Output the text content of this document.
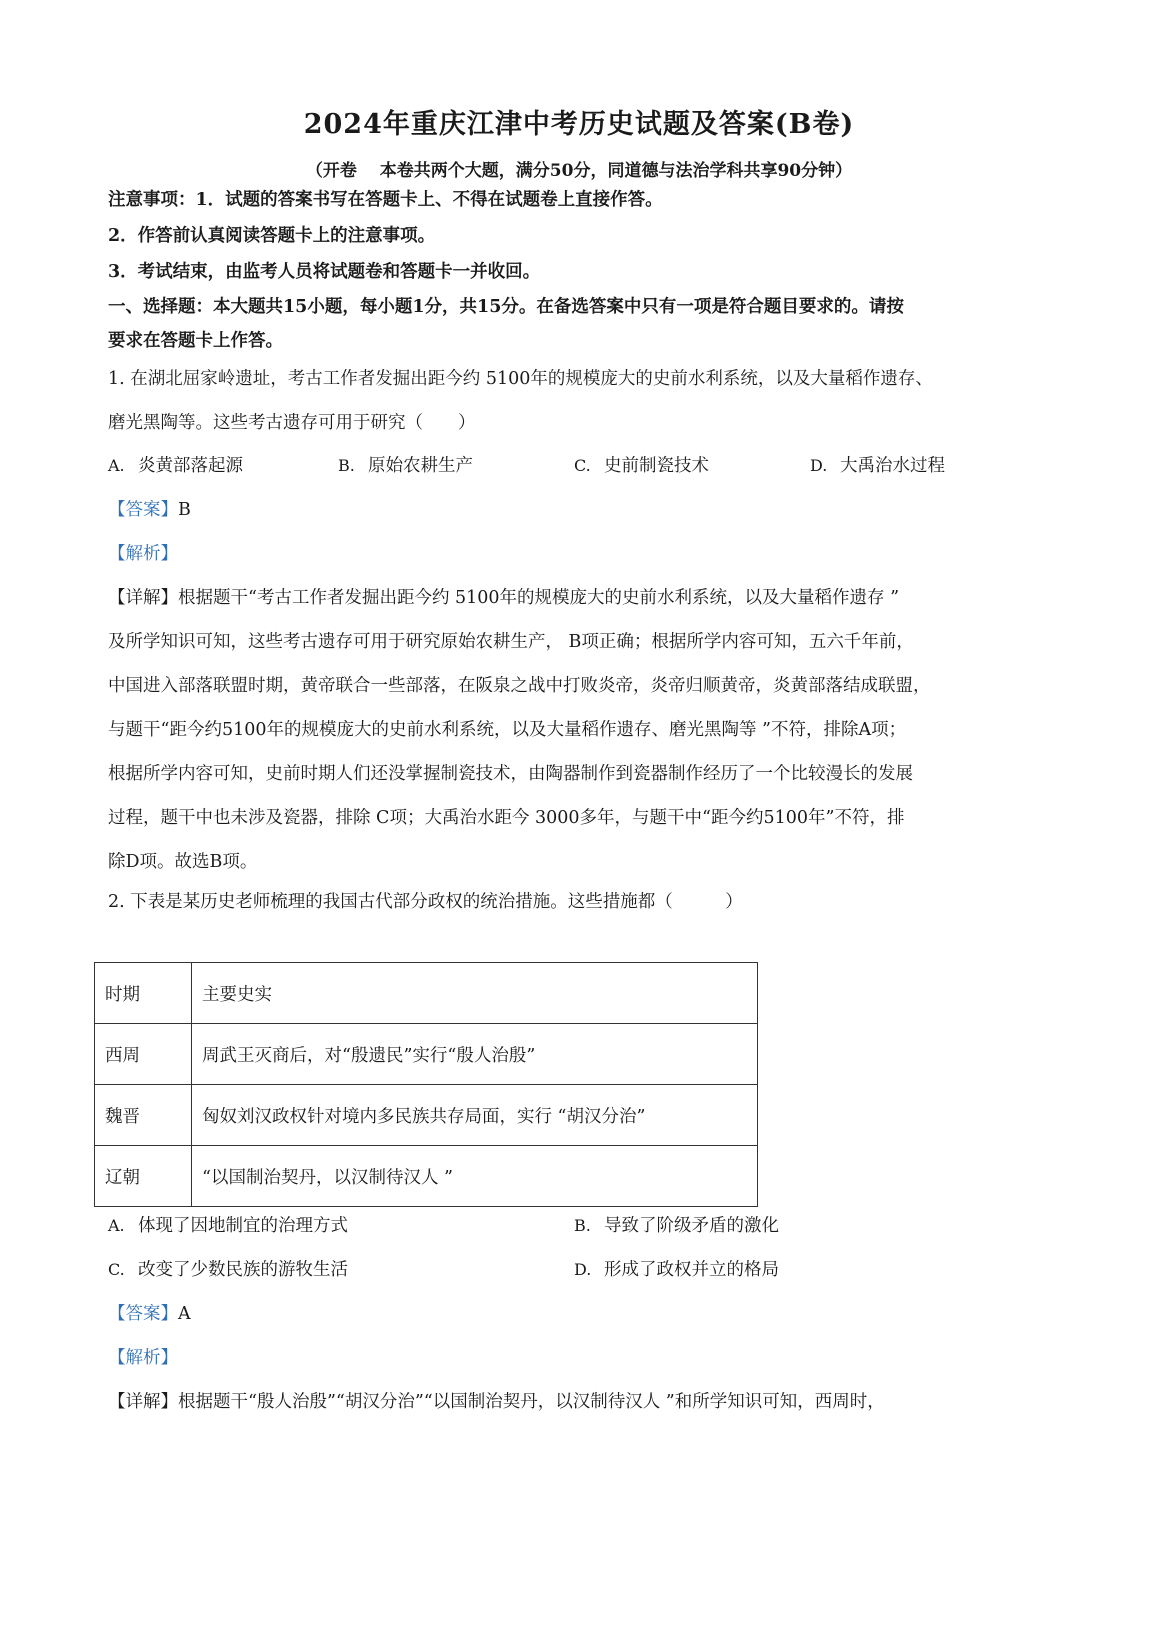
2024年重庆江津中考历史试题及答案(B卷)
（开卷　 本卷共两个大题，满分50分，同道德与法治学科共享90分钟）
注意事项：1．试题的答案书写在答题卡上、不得在试题卷上直接作答。
2．作答前认真阅读答题卡上的注意事项。
3．考试结束，由监考人员将试题卷和答题卡一并收回。
一、选择题：本大题共15小题，每小题1分，共15分。在备选答案中只有一项是符合题目要求的。请按
要求在答题卡上作答。
1. 在湖北屈家岭遗址，考古工作者发掘出距今约 5100年的规模庞大的史前水利系统，以及大量稻作遗存、
磨光黑陶等。这些考古遗存可用于研究（　　）
A. 炎黄部落起源	B. 原始农耕生产	C. 史前制瓷技术	D. 大禹治水过程
【答案】B
【解析】
【详解】根据题干“考古工作者发掘出距今约 5100年的规模庞大的史前水利系统，以及大量稻作遗存 ”
及所学知识可知，这些考古遗存可用于研究原始农耕生产， B项正确；根据所学内容可知，五六千年前，
中国进入部落联盟时期，黄帝联合一些部落，在阪泉之战中打败炎帝，炎帝归顺黄帝，炎黄部落结成联盟，
与题干“距今约5100年的规模庞大的史前水利系统，以及大量稻作遗存、磨光黑陶等 ”不符，排除A项；
根据所学内容可知，史前时期人们还没掌握制瓷技术，由陶器制作到瓷器制作经历了一个比较漫长的发展
过程，题干中也未涉及瓷器，排除 C项；大禹治水距今 3000多年，与题干中“距今约5100年”不符，排
除D项。故选B项。
2. 下表是某历史老师梳理的我国古代部分政权的统治措施。这些措施都（　　　）
时期	主要史实
西周	周武王灭商后，对“殷遗民”实行“殷人治殷”
魏晋	匈奴刘汉政权针对境内多民族共存局面，实行 “胡汉分治”
辽朝	“以国制治契丹，以汉制待汉人 ”
A. 体现了因地制宜的治理方式	B. 导致了阶级矛盾的激化
C. 改变了少数民族的游牧生活	D. 形成了政权并立的格局
【答案】A
【解析】
【详解】根据题干“殷人治殷”“胡汉分治”“以国制治契丹，以汉制待汉人 ”和所学知识可知，西周时，
